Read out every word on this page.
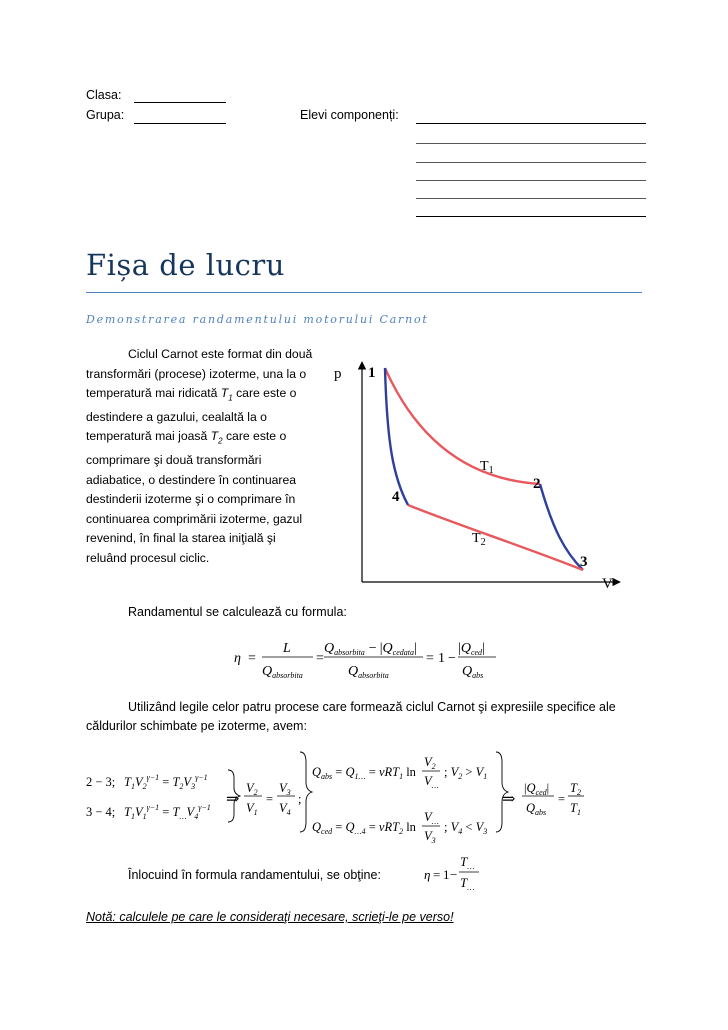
Clasa:
Grupa:	Elevi componenți:
Fișa de lucru
Demonstrarea randamentului motorului Carnot

Ciclul Carnot este format din două transformări (procese) izoterme, una la o temperatură mai ridicată $T_1$ care este o destindere a gazului, cealaltă la o temperatură mai joasă $T_2$ care este o comprimare şi două transformări adiabatice, o destindere în continuarea destinderii izoterme şi o comprimare în continuarea comprimării izoterme, gazul revenind, în final la starea iniţială şi reluând procesul ciclic.

p
V
1
2
3
4
$T_1$
$T_2$
Randamentul se calculează cu formula:
η =
L
$Q_{absorbita}$
=
$Q_{absorbita} - |Q_{cedata}|$
$Q_{absorbita}$
= 1 −
$|Q_{ced}|$
$Q_{abs}$
Utilizând legile celor patru procese care formează ciclul Carnot şi expresiile specifice ale căldurilor schimbate pe izoterme, avem:
2 − 3;
3 − 4;
$T_1V_2^{\gamma-1} = T_2V_3^{\gamma-1}$
$T_1V_1^{\gamma-1} = T_\dots V_4^{\gamma-1}$ ⇒
$V_2$
$V_1$
=
$V_3$
$V_4$
;
$Q_{abs} = Q_{1\dots} = \nu RT_1$ ln
$V_2$
$V_\dots$
; $V_2 > V_1$
$Q_{ced} = Q_{\dots 4} = \nu RT_2$ ln
$V_\dots$
$V_3$
; $V_4 < V_3$
⇒
$|Q_{ced}|$
$Q_{abs}$
=
$T_2$
$T_1$
Înlocuind în formula randamentului, se obţine:	η = 1 −
$T_\dots$
$T_\dots$
Notă: calculele pe care le consideraţi necesare, scrieţi-le pe verso!
